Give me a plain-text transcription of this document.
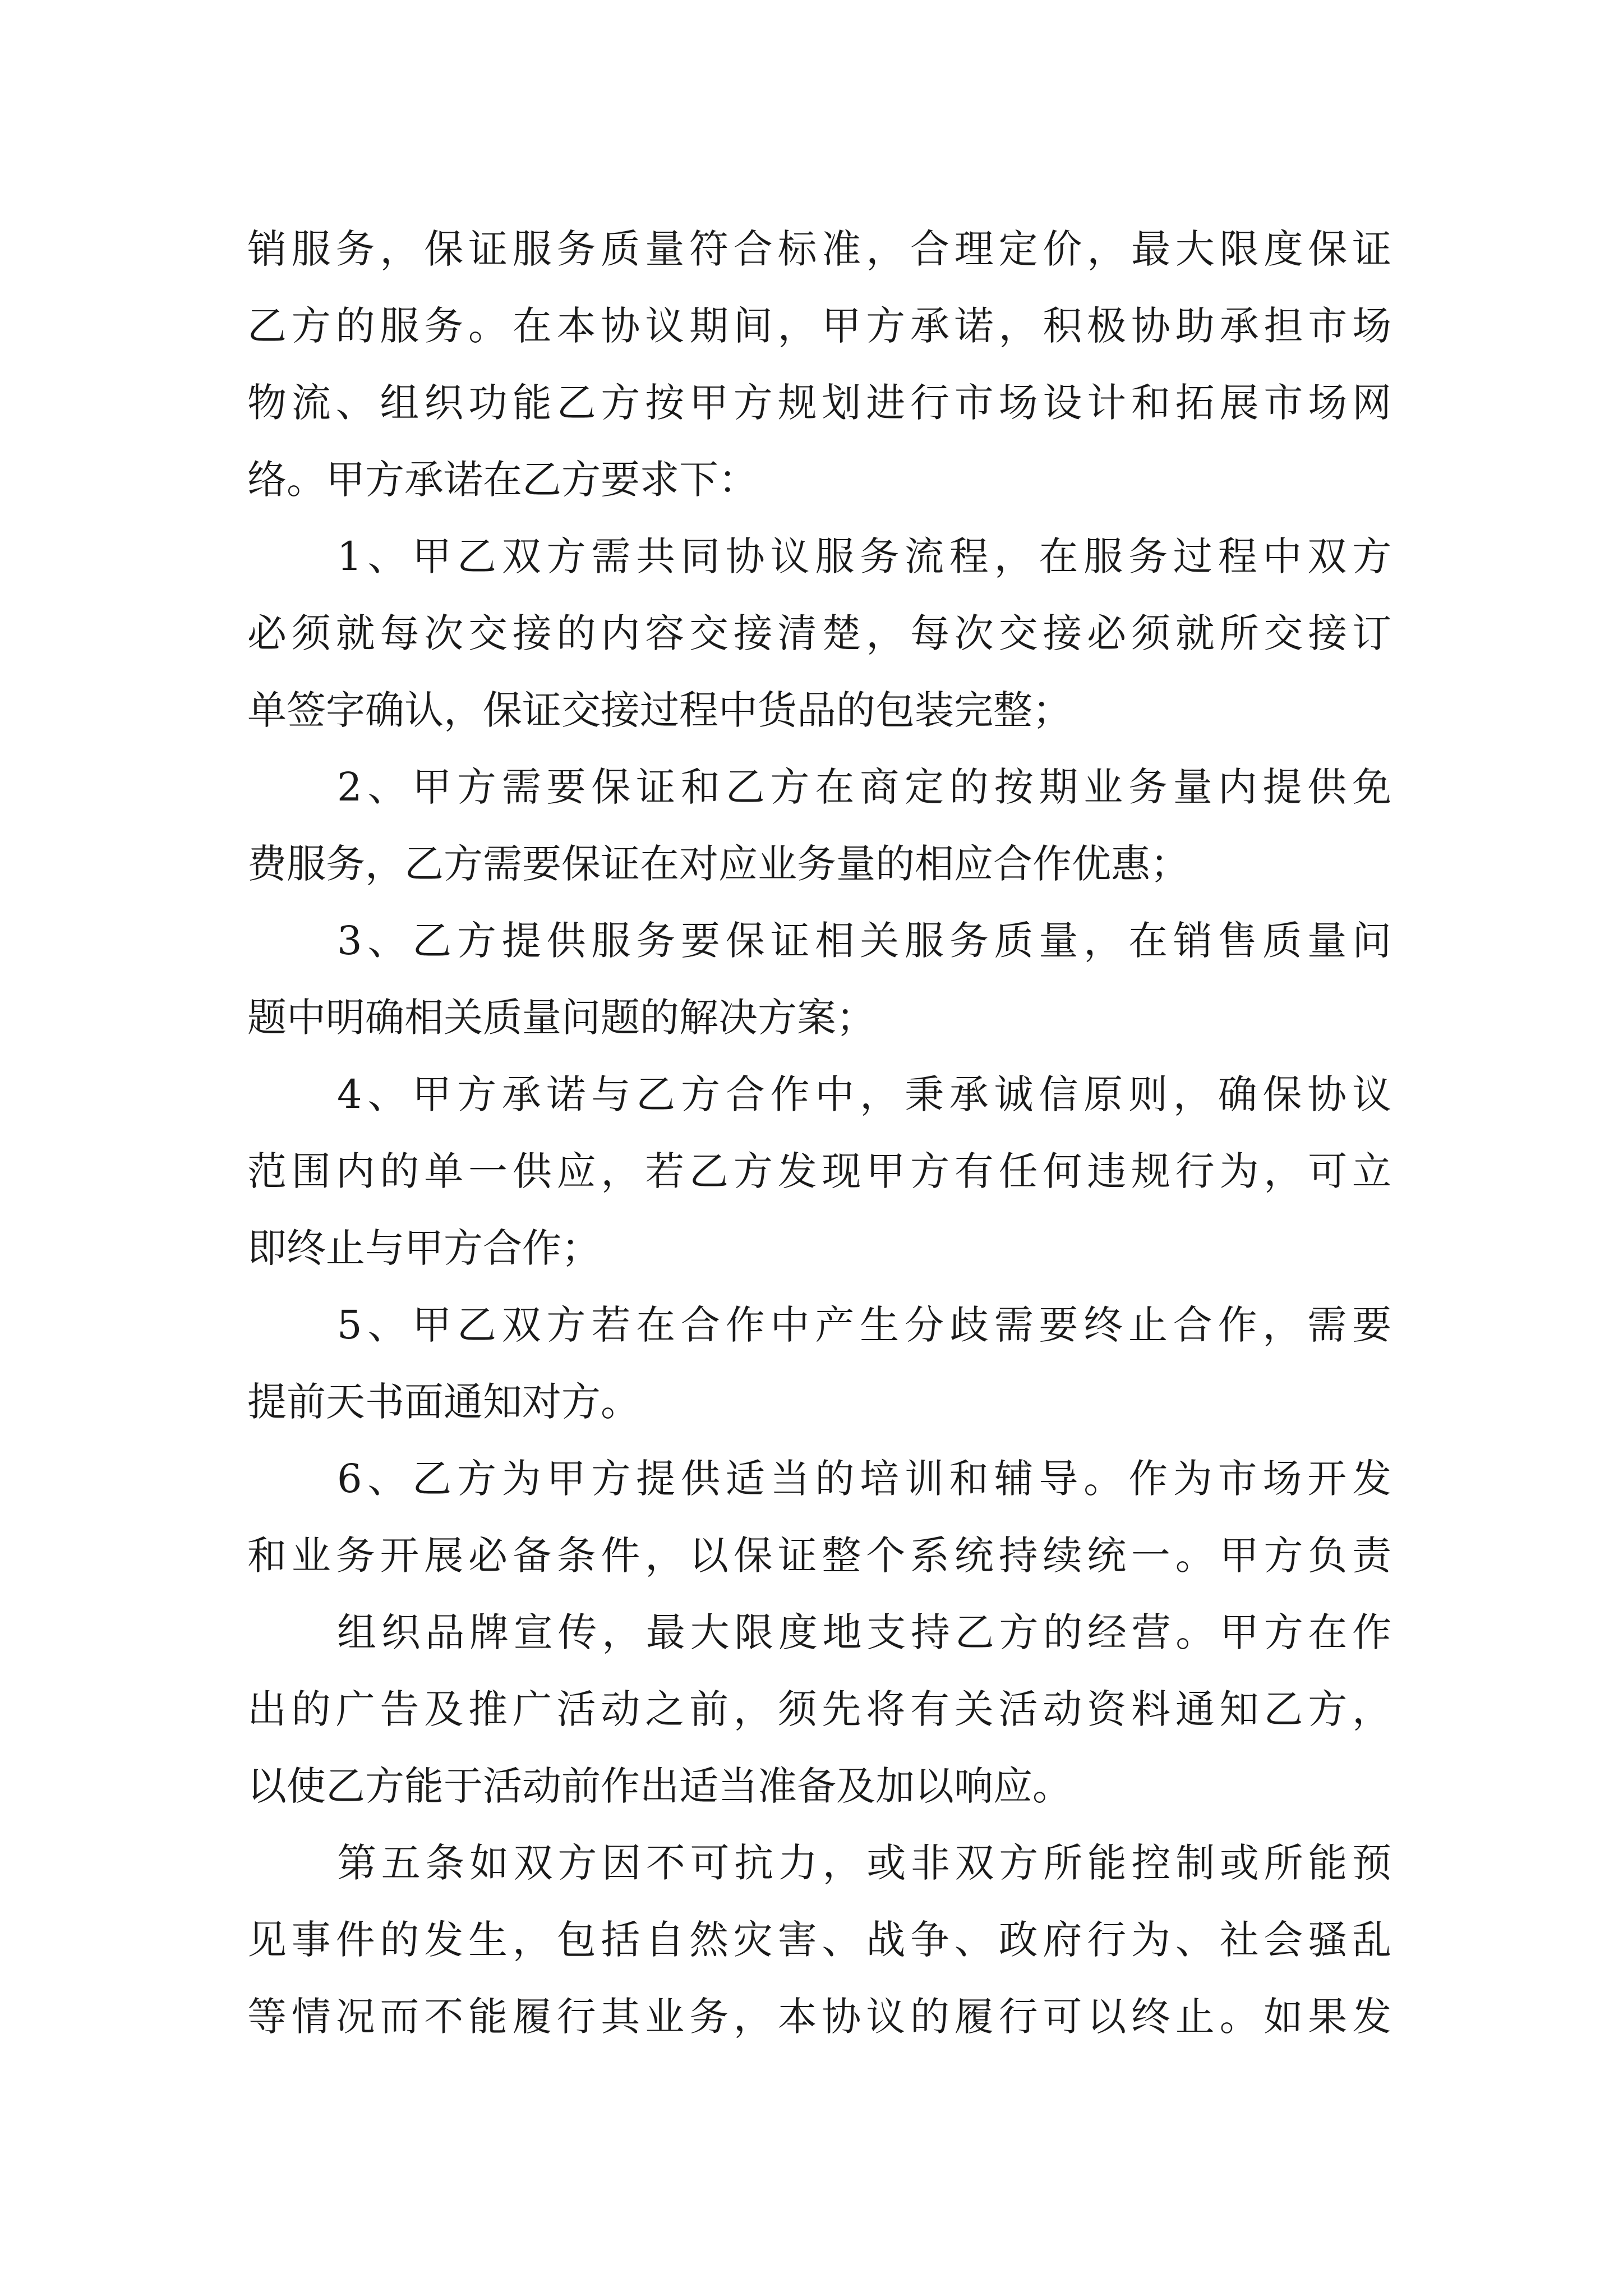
销服务，保证服务质量符合标准，合理定价，最大限度保证
乙方的服务。在本协议期间，甲方承诺，积极协助承担市场
物流、组织功能乙方按甲方规划进行市场设计和拓展市场网
络。甲方承诺在乙方要求下：
1、甲乙双方需共同协议服务流程，在服务过程中双方
必须就每次交接的内容交接清楚，每次交接必须就所交接订
单签字确认，保证交接过程中货品的包装完整；
2、甲方需要保证和乙方在商定的按期业务量内提供免
费服务，乙方需要保证在对应业务量的相应合作优惠；
3、乙方提供服务要保证相关服务质量，在销售质量问
题中明确相关质量问题的解决方案；
4、甲方承诺与乙方合作中，秉承诚信原则，确保协议
范围内的单一供应，若乙方发现甲方有任何违规行为，可立
即终止与甲方合作；
5、甲乙双方若在合作中产生分歧需要终止合作，需要
提前天书面通知对方。
6、乙方为甲方提供适当的培训和辅导。作为市场开发
和业务开展必备条件，以保证整个系统持续统一。甲方负责
组织品牌宣传，最大限度地支持乙方的经营。甲方在作
出的广告及推广活动之前，须先将有关活动资料通知乙方，
以使乙方能于活动前作出适当准备及加以响应。
第五条如双方因不可抗力，或非双方所能控制或所能预
见事件的发生，包括自然灾害、战争、政府行为、社会骚乱
等情况而不能履行其业务，本协议的履行可以终止。如果发
